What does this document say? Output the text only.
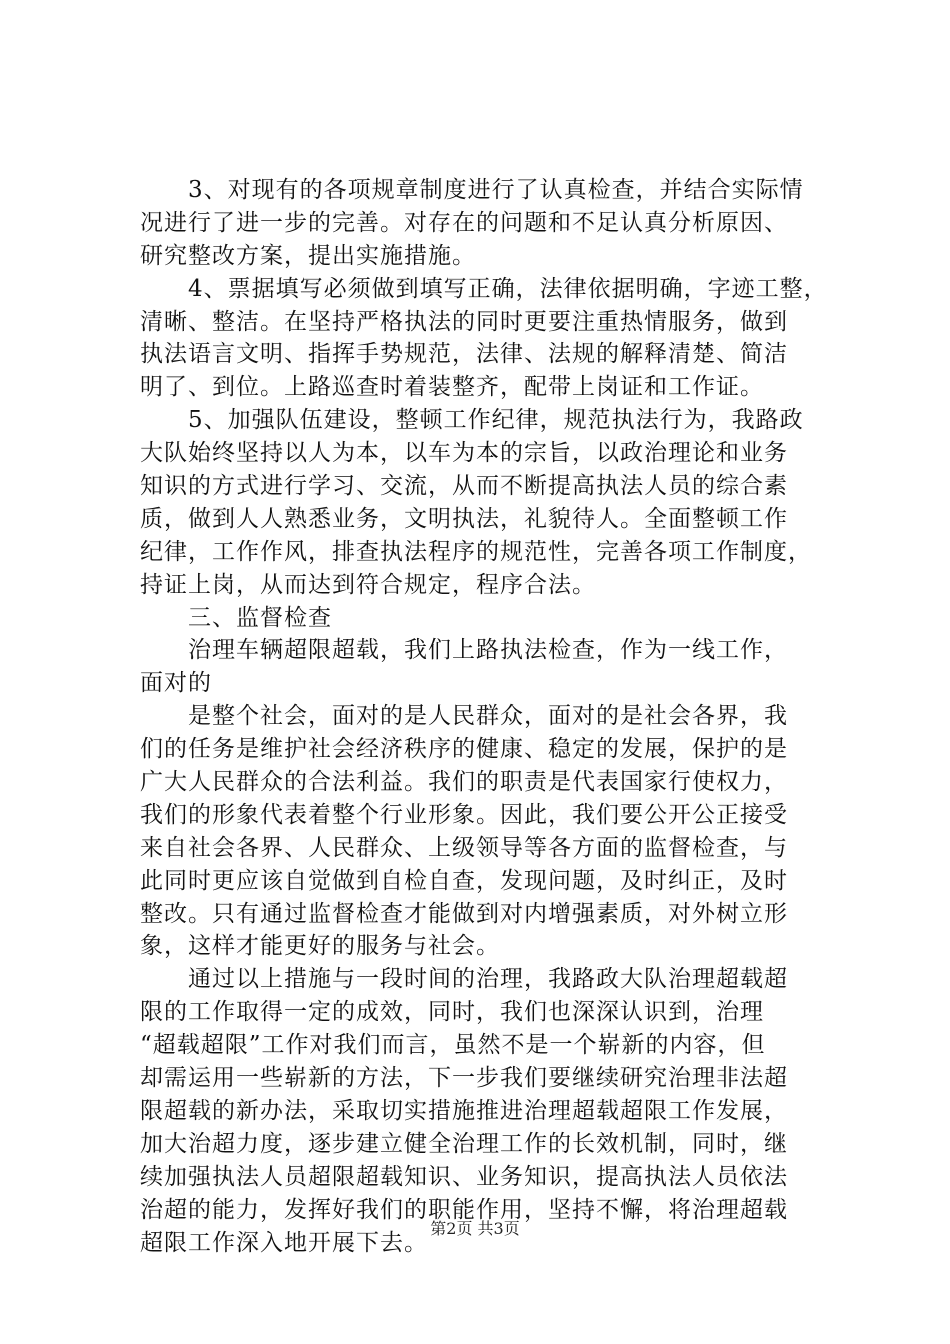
　　3、对现有的各项规章制度进行了认真检查，并结合实际情
况进行了进一步的完善。对存在的问题和不足认真分析原因、
研究整改方案，提出实施措施。
　　4、票据填写必须做到填写正确，法律依据明确，字迹工整，
清晰、整洁。在坚持严格执法的同时更要注重热情服务，做到
执法语言文明、指挥手势规范，法律、法规的解释清楚、简洁
明了、到位。上路巡查时着装整齐，配带上岗证和工作证。
　　5、加强队伍建设，整顿工作纪律，规范执法行为，我路政
大队始终坚持以人为本，以车为本的宗旨，以政治理论和业务
知识的方式进行学习、交流，从而不断提高执法人员的综合素
质，做到人人熟悉业务，文明执法，礼貌待人。全面整顿工作
纪律，工作作风，排查执法程序的规范性，完善各项工作制度，
持证上岗，从而达到符合规定，程序合法。
　　三、监督检查
　　治理车辆超限超载，我们上路执法检查，作为一线工作，
面对的
　　是整个社会，面对的是人民群众，面对的是社会各界，我
们的任务是维护社会经济秩序的健康、稳定的发展，保护的是
广大人民群众的合法利益。我们的职责是代表国家行使权力，
我们的形象代表着整个行业形象。因此，我们要公开公正接受
来自社会各界、人民群众、上级领导等各方面的监督检查，与
此同时更应该自觉做到自检自查，发现问题，及时纠正，及时
整改。只有通过监督检查才能做到对内增强素质，对外树立形
象，这样才能更好的服务与社会。
　　通过以上措施与一段时间的治理，我路政大队治理超载超
限的工作取得一定的成效，同时，我们也深深认识到，治理
“超载超限”工作对我们而言，虽然不是一个崭新的内容，但
却需运用一些崭新的方法，下一步我们要继续研究治理非法超
限超载的新办法，采取切实措施推进治理超载超限工作发展，
加大治超力度，逐步建立健全治理工作的长效机制，同时，继
续加强执法人员超限超载知识、业务知识，提高执法人员依法
治超的能力，发挥好我们的职能作用，坚持不懈，将治理超载
超限工作深入地开展下去。
第2页 共3页
